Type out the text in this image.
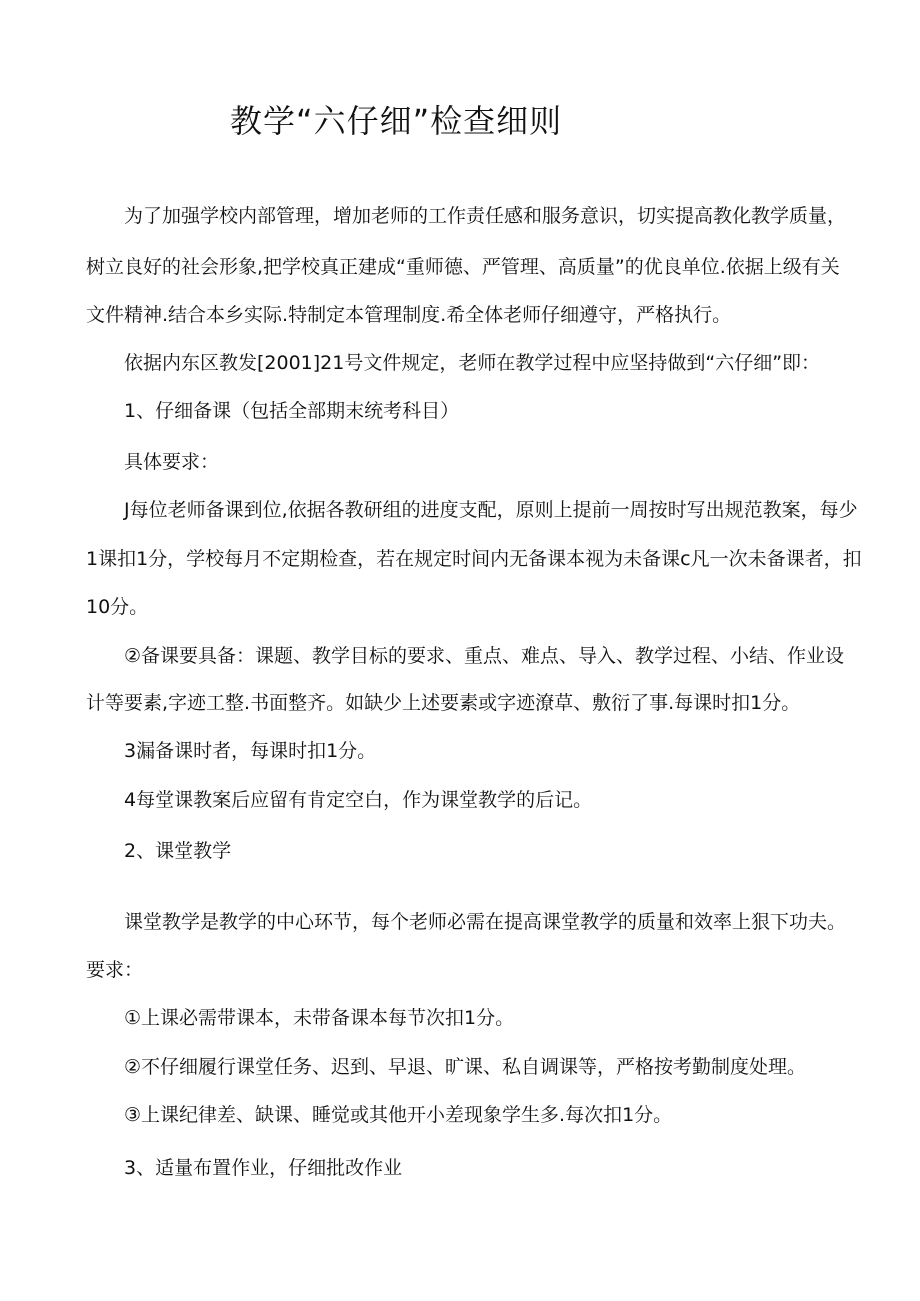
教学“六仔细”检查细则
为了加强学校内部管理，增加老师的工作责任感和服务意识，切实提高教化教学质量，
树立良好的社会形象,把学校真正建成“重师德、严管理、高质量”的优良单位.依据上级有关
文件精神.结合本乡实际.特制定本管理制度.希全体老师仔细遵守，严格执行。
依据内东区教发[2001]21号文件规定，老师在教学过程中应坚持做到“六仔细”即：
1、仔细备课（包括全部期末统考科目）
具体要求：
J每位老师备课到位,依据各教研组的进度支配，原则上提前一周按时写出规范教案，每少
1课扣1分，学校每月不定期检查，若在规定时间内无备课本视为未备课c凡一次未备课者，扣
10分。
②备课要具备：课题、教学目标的要求、重点、难点、导入、教学过程、小结、作业设
计等要素,字迹工整.书面整齐。如缺少上述要素或字迹潦草、敷衍了事.每课时扣1分。
3漏备课时者，每课时扣1分。
4每堂课教案后应留有肯定空白，作为课堂教学的后记。
2、课堂教学
课堂教学是教学的中心环节，每个老师必需在提高课堂教学的质量和效率上狠下功夫。
要求：
①上课必需带课本，未带备课本每节次扣1分。
②不仔细履行课堂任务、迟到、早退、旷课、私自调课等，严格按考勤制度处理。
③上课纪律差、缺课、睡觉或其他开小差现象学生多.每次扣1分。
3、适量布置作业，仔细批改作业
